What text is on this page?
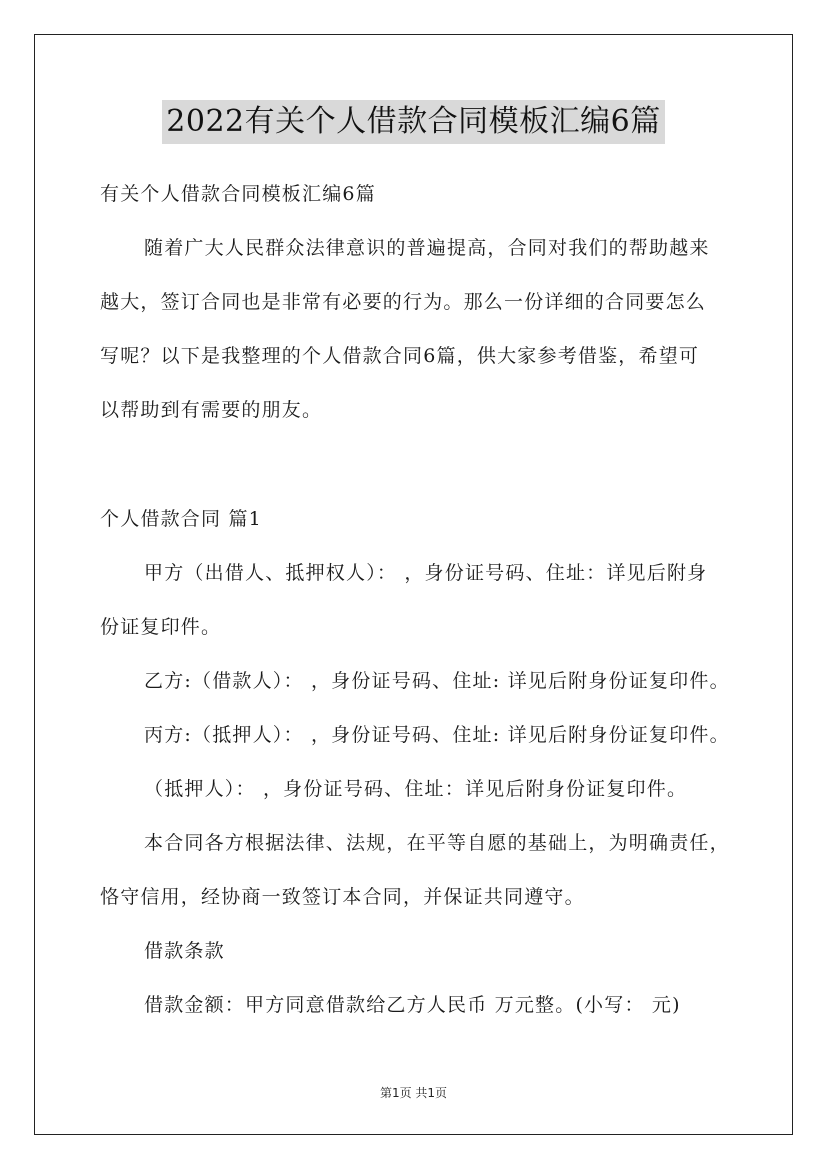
2022有关个人借款合同模板汇编6篇
有关个人借款合同模板汇编6篇
随着广大人民群众法律意识的普遍提高，合同对我们的帮助越来
越大，签订合同也是非常有必要的行为。那么一份详细的合同要怎么
写呢？以下是我整理的个人借款合同6篇，供大家参考借鉴，希望可
以帮助到有需要的朋友。
个人借款合同 篇1
甲方（出借人、抵押权人）： ，身份证号码、住址：详见后附身
份证复印件。
乙方:（借款人）： ，身份证号码、住址: 详见后附身份证复印件。
丙方:（抵押人）： ，身份证号码、住址: 详见后附身份证复印件。
（抵押人）： ，身份证号码、住址：详见后附身份证复印件。
本合同各方根据法律、法规，在平等自愿的基础上，为明确责任，
恪守信用，经协商一致签订本合同，并保证共同遵守。
借款条款
借款金额：甲方同意借款给乙方人民币 万元整。(小写： 元)
第1页 共1页
